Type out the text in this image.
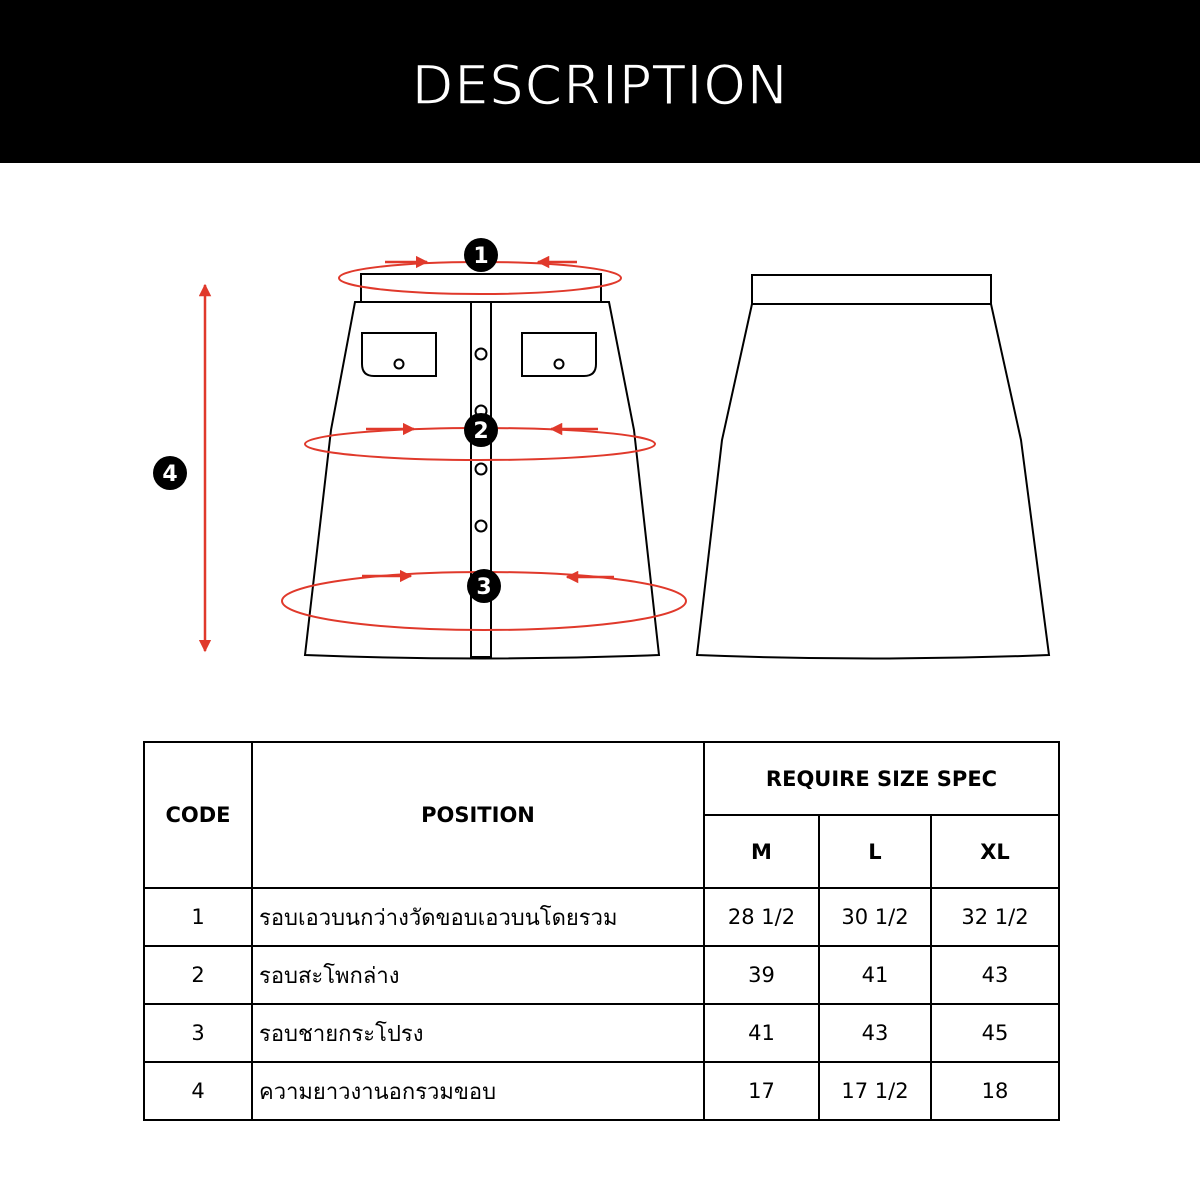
DESCRIPTION
1
2
3
4
CODE	POSITION	REQUIRE SIZE SPEC		
		M	L	XL
1	รอบเอวบนกว่างวัดขอบเอวบนโดยรวม	28 1/2	30 1/2	32 1/2
2	รอบสะโพกล่าง	39	41	43
3	รอบชายกระโปรง	41	43	45
4	ความยาวงานอกรวมขอบ	17	17 1/2	18
